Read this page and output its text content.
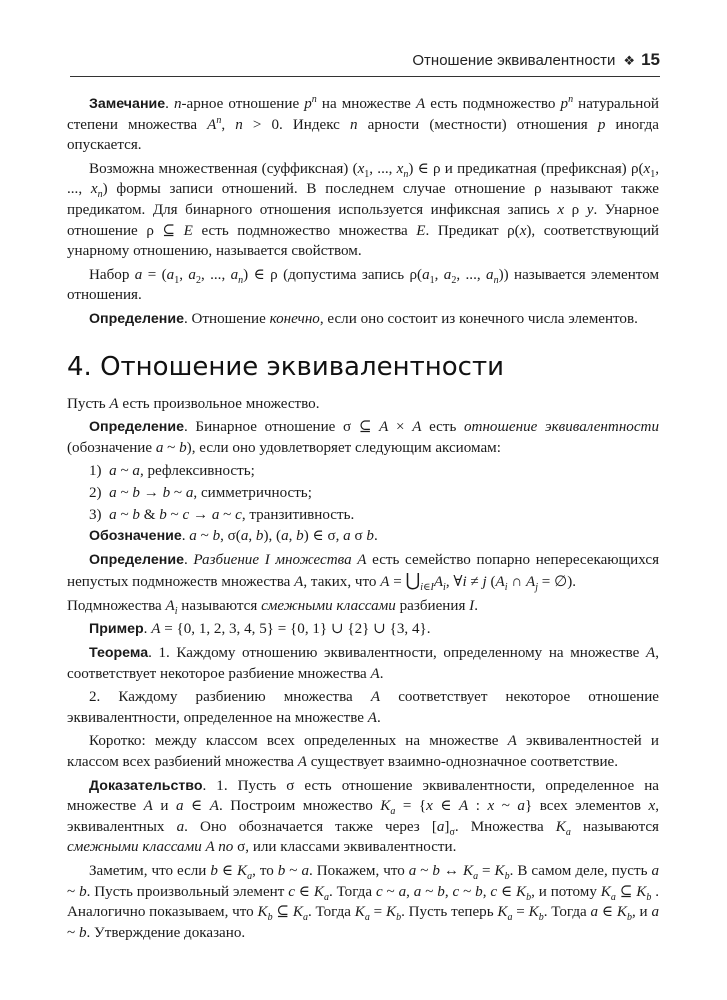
Отношение эквивалентности ❖ 15

Замечание. n-арное отношение $p^n$ на множестве A есть подмножество $p^n$ натуральной степени множества $A^n$, n > 0. Индекс n арности (местности) отношения p иногда опускается.

Возможна множественная (суффиксная) ($x_1$, ..., $x_n$) ∈ ρ и предикатная (префиксная) $\rho(x_1$, ..., $x_n$) формы записи отношений. В последнем случае отношение ρ называют также предикатом. Для бинарного отношения используется инфиксная запись x ρ y. Унарное отношение ρ ⊆ E есть подмножество множества E. Предикат ρ(x), соответствующий унарному отношению, называется свойством.

Набор $a = (a_1$, $a_2$, ..., $a_n$) ∈ ρ (допустима запись $\rho(a_1$, $a_2$, ..., $a_n$)) называется элементом отношения.

Определение. Отношение конечно, если оно состоит из конечного числа элементов.

4. Отношение эквивалентности

Пусть A есть произвольное множество.

Определение. Бинарное отношение σ ⊆ A × A есть отношение эквивалентности (обозначение a ~ b), если оно удовлетворяет следующим аксиомам:

1)  a ~ a, рефлексивность;

2)  a ~ b → b ~ a, симметричность;

3)  a ~ b & b ~ c → a ~ c, транзитивность.

Обозначение. a ~ b, σ(a, b), (a, b) ∈ σ, a σ b.

Определение. Разбиение I множества A есть семейство попарно непересекающихся непустых подмножеств множества A, таких, что $A = ⋃_{i\in I}A_i$, ∀i ≠ j ($A_i$ ∩ $A_j$ = ∅).

Подмножества $A_i$ называются смежными классами разбиения I.

Пример. A = {0, 1, 2, 3, 4, 5} = {0, 1} ∪ {2} ∪ {3, 4}.

Теорема. 1. Каждому отношению эквивалентности, определенному на множестве A, соответствует некоторое разбиение множества A.

2. Каждому разбиению множества A соответствует некоторое отношение эквивалентности, определенное на множестве A.

Коротко: между классом всех определенных на множестве A эквивалентностей и классом всех разбиений множества A существует взаимно-однозначное соответствие.

Доказательство. 1. Пусть σ есть отношение эквивалентности, определенное на множестве A и a ∈ A. Построим множество $K_a = \{x$ ∈ A : x ~ a} всех элементов x, эквивалентных a. Оно обозначается также через $[a]_\sigma$. Множества $K_a$ называются смежными классами A по σ, или классами эквивалентности.

Заметим, что если b ∈ $K_a$, то b ~ a. Покажем, что a ~ b ↔ $K_a = K_b$. В самом деле, пусть a ~ b. Пусть произвольный элемент c ∈ $K_a$. Тогда c ~ a, a ~ b, c ~ b, c ∈ $K_b$, и потому $K_a$ ⊆ $K_b$ . Аналогично показываем, что $K_b$ ⊆ $K_a$. Тогда $K_a = K_b$. Пусть теперь $K_a = K_b$. Тогда a ∈ $K_b$, и a ~ b. Утверждение доказано.
